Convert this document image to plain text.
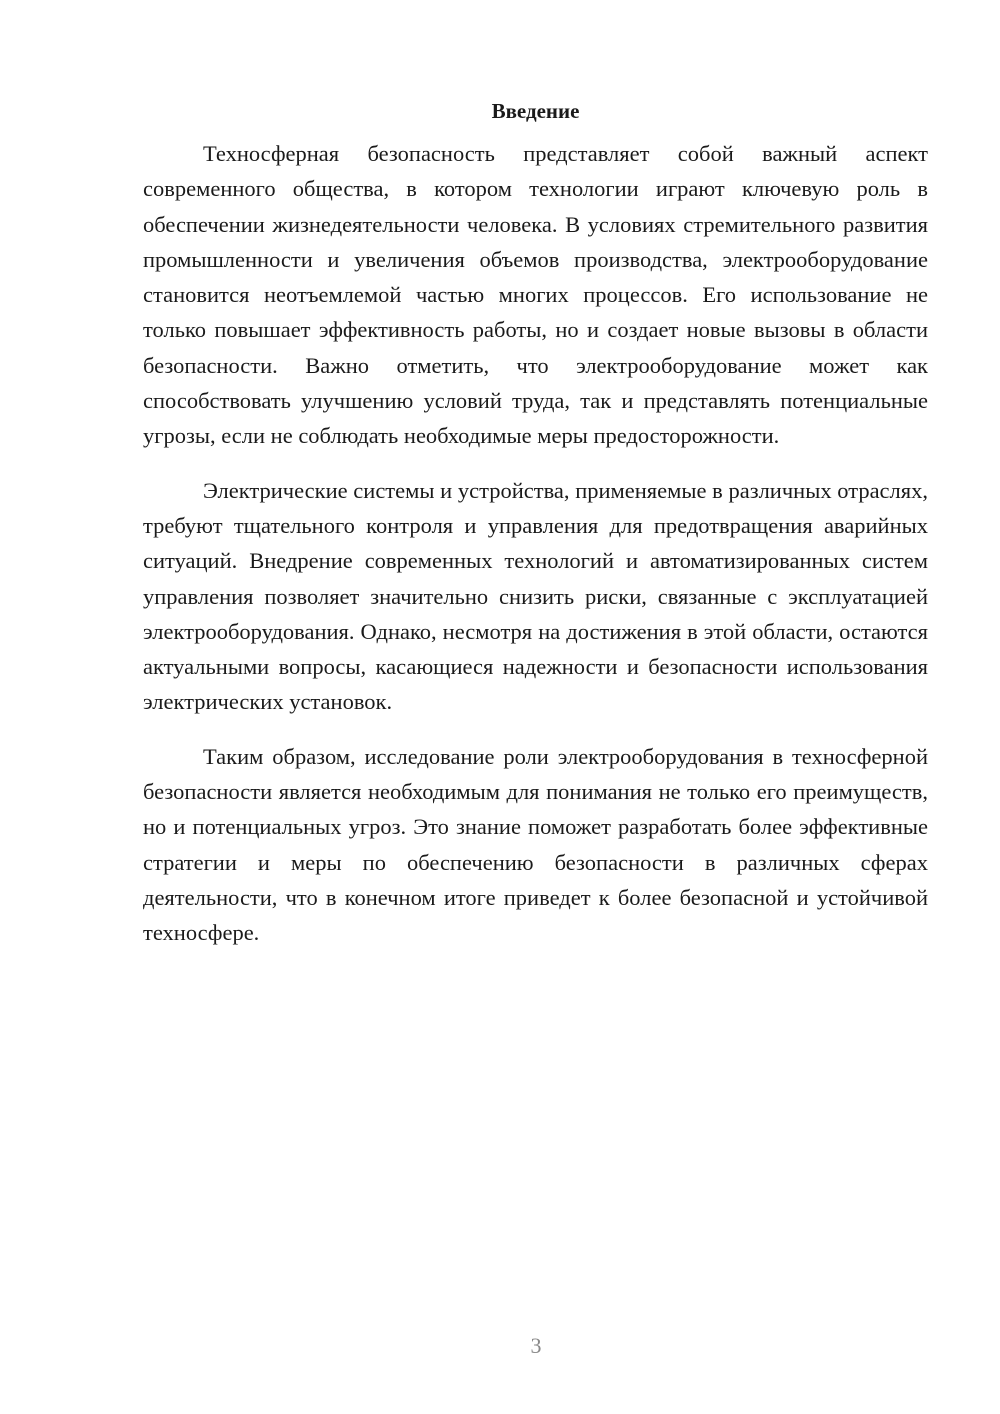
Введение

Техносферная безопасность представляет собой важный аспект современного общества, в котором технологии играют ключевую роль в обеспечении жизнедеятельности человека. В условиях стремительного развития промышленности и увеличения объемов производства, электрооборудование становится неотъемлемой частью многих процессов. Его использование не только повышает эффективность работы, но и создает новые вызовы в области безопасности. Важно отметить, что электрооборудование может как способствовать улучшению условий труда, так и представлять потенциальные угрозы, если не соблюдать необходимые меры предосторожности.

Электрические системы и устройства, применяемые в различных отраслях, требуют тщательного контроля и управления для предотвращения аварийных ситуаций. Внедрение современных технологий и автоматизированных систем управления позволяет значительно снизить риски, связанные с эксплуатацией электрооборудования. Однако, несмотря на достижения в этой области, остаются актуальными вопросы, касающиеся надежности и безопасности использования электрических установок.

Таким образом, исследование роли электрооборудования в техносферной безопасности является необходимым для понимания не только его преимуществ, но и потенциальных угроз. Это знание поможет разработать более эффективные стратегии и меры по обеспечению безопасности в различных сферах деятельности, что в конечном итоге приведет к более безопасной и устойчивой техносфере.

3
